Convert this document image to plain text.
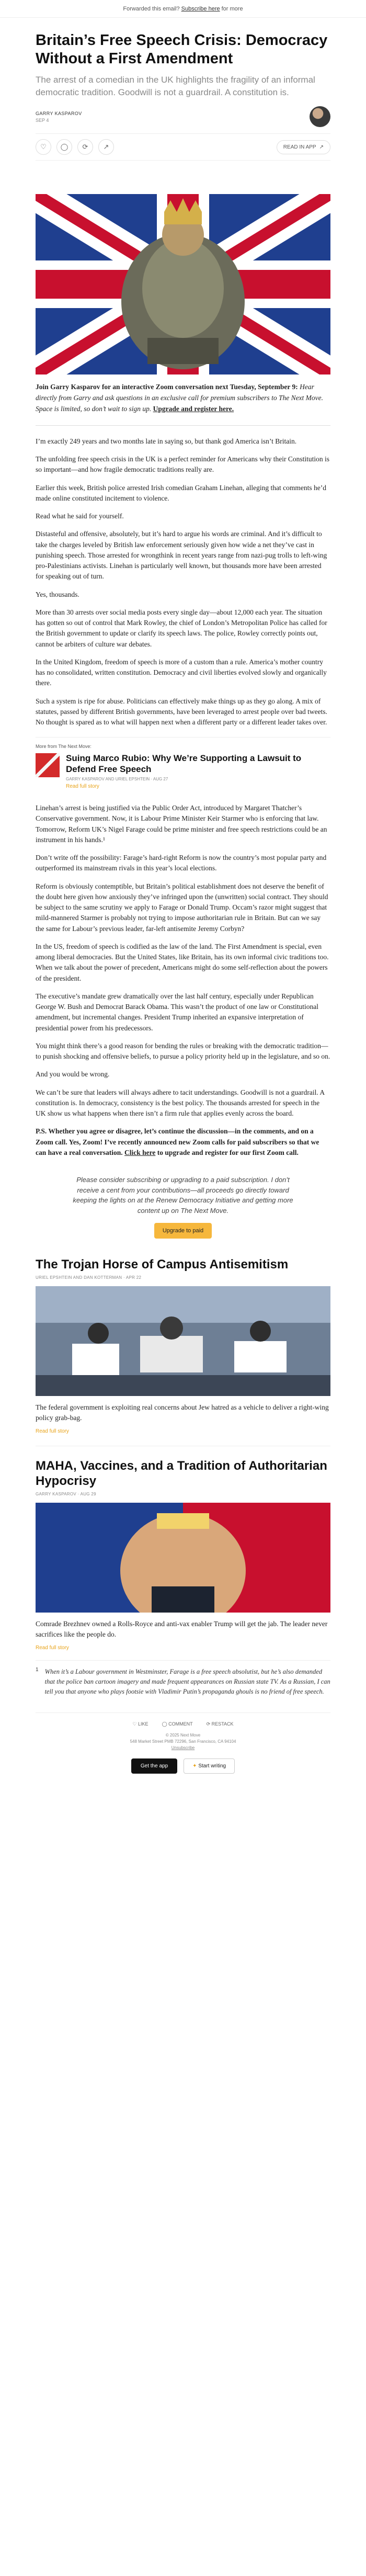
Forwarded this email? Subscribe here for more
Britain’s Free Speech Crisis: Democracy Without a First Amendment
The arrest of a comedian in the UK highlights the fragility of an informal democratic tradition. Goodwill is not a guardrail. A constitution is.
GARRY KASPAROV
SEP 4
♡	◯	⟳	↗	READ IN APP ↗

Join Garry Kasparov for an interactive Zoom conversation next Tuesday, September 9: Hear directly from Garry and ask questions in an exclusive call for premium subscribers to The Next Move. Space is limited, so don’t wait to sign up. Upgrade and register here.

I’m exactly 249 years and two months late in saying so, but thank god America isn’t Britain.

The unfolding free speech crisis in the UK is a perfect reminder for Americans why their Constitution is so important—and how fragile democratic traditions really are.

Earlier this week, British police arrested Irish comedian Graham Linehan, alleging that comments he’d made online constituted incitement to violence.

Read what he said for yourself.

Distasteful and offensive, absolutely, but it’s hard to argue his words are criminal. And it’s difficult to take the charges leveled by British law enforcement seriously given how wide a net they’ve cast in punishing speech. Those arrested for wrongthink in recent years range from nazi-pug trolls to left-wing pro-Palestinians activists. Linehan is particularly well known, but thousands more have been arrested for speaking out of turn.

Yes, thousands.

More than 30 arrests over social media posts every single day—about 12,000 each year. The situation has gotten so out of control that Mark Rowley, the chief of London’s Metropolitan Police has called for the British government to update or clarify its speech laws. The police, Rowley correctly points out, cannot be arbiters of culture war debates.

In the United Kingdom, freedom of speech is more of a custom than a rule. America’s mother country has no consolidated, written constitution. Democracy and civil liberties evolved slowly and organically there.

Such a system is ripe for abuse. Politicians can effectively make things up as they go along. A mix of statutes, passed by different British governments, have been leveraged to arrest people over bad tweets. No thought is spared as to what will happen next when a different party or a different leader takes over.

More from The Next Move:
Suing Marco Rubio: Why We’re Supporting a Lawsuit to Defend Free Speech
GARRY KASPAROV AND URIEL EPSHTEIN · AUG 27
Read full story

Linehan’s arrest is being justified via the Public Order Act, introduced by Margaret Thatcher’s Conservative government. Now, it is Labour Prime Minister Keir Starmer who is enforcing that law. Tomorrow, Reform UK’s Nigel Farage could be prime minister and free speech restrictions could be an instrument in his hands.¹

Don’t write off the possibility: Farage’s hard-right Reform is now the country’s most popular party and outperformed its mainstream rivals in this year’s local elections.

Reform is obviously contemptible, but Britain’s political establishment does not deserve the benefit of the doubt here given how anxiously they’ve infringed upon the (unwritten) social contract. They should be subject to the same scrutiny we apply to Farage or Donald Trump. Occam’s razor might suggest that mild-mannered Starmer is probably not trying to impose authoritarian rule in Britain. But can we say the same for Labour’s previous leader, far-left antisemite Jeremy Corbyn?

In the US, freedom of speech is codified as the law of the land. The First Amendment is special, even among liberal democracies. But the United States, like Britain, has its own informal civic traditions too. When we talk about the power of precedent, Americans might do some self-reflection about the powers of the president.

The executive’s mandate grew dramatically over the last half century, especially under Republican George W. Bush and Democrat Barack Obama. This wasn’t the product of one law or Constitutional amendment, but incremental changes. President Trump inherited an expansive interpretation of presidential power from his predecessors.

You might think there’s a good reason for bending the rules or breaking with the democratic tradition—to punish shocking and offensive beliefs, to pursue a policy priority held up in the legislature, and so on.

And you would be wrong.

We can’t be sure that leaders will always adhere to tacit understandings. Goodwill is not a guardrail. A constitution is. In democracy, consistency is the best policy. The thousands arrested for speech in the UK show us what happens when there isn’t a firm rule that applies evenly across the board.

P.S. Whether you agree or disagree, let’s continue the discussion—in the comments, and on a Zoom call. Yes, Zoom! I’ve recently announced new Zoom calls for paid subscribers so that we can have a real conversation. Click here to upgrade and register for our first Zoom call.

Please consider subscribing or upgrading to a paid subscription. I don’t receive a cent from your contributions—all proceeds go directly toward keeping the lights on at the Renew Democracy Initiative and getting more content up on The Next Move.

Upgrade to paid
The Trojan Horse of Campus Antisemitism
URIEL EPSHTEIN AND DAN KOTTERMAN · APR 22

The federal government is exploiting real concerns about Jew hatred as a vehicle to deliver a right-wing policy grab-bag.

Read full story
MAHA, Vaccines, and a Tradition of Authoritarian Hypocrisy
GARRY KASPAROV · AUG 29

Comrade Brezhnev owned a Rolls-Royce and anti-vax enabler Trump will get the jab. The leader never sacrifices like the people do.

Read full story
1 When it’s a Labour government in Westminster, Farage is a free speech absolutist, but he’s also demanded that the police ban cartoon imagery and made frequent appearances on Russian state TV. As a Russian, I can tell you that anyone who plays footsie with Vladimir Putin’s propaganda ghouls is no friend of free speech.

♡ LIKE	◯ COMMENT	⟳ RESTACK
© 2025 Next Move
548 Market Street PMB 72296, San Francisco, CA 94104
Unsubscribe
Get the app	✦ Start writing
